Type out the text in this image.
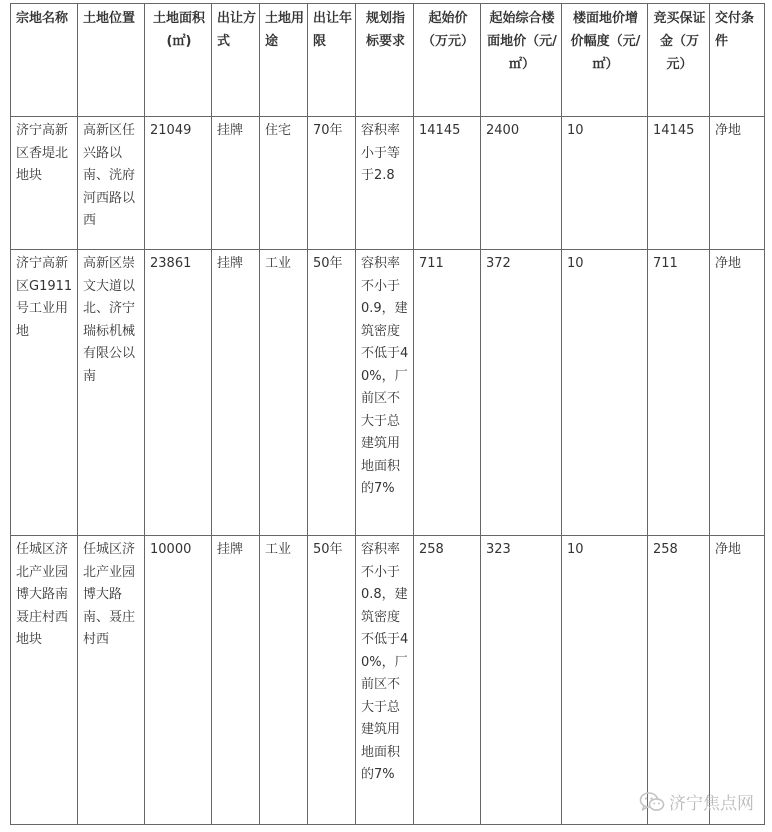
宗地名称	土地位置	土地面积(㎡)	出让方式	土地用途	出让年限	规划指标要求	起始价（万元）	起始综合楼面地价（元/㎡）	楼面地价增价幅度（元/㎡）	竞买保证金（万元）	交付条件
济宁高新区香堤北地块	高新区任兴路以南、洸府河西路以西	21049	挂牌	住宅	70年	容积率小于等于2.8	14145	2400	10	14145	净地
济宁高新区G1911号工业用地	高新区崇文大道以北、济宁瑞标机械有限公以南	23861	挂牌	工业	50年	容积率不小于0.9，建筑密度不低于40%，厂前区不大于总建筑用地面积的7%	711	372	10	711	净地
任城区济北产业园博大路南聂庄村西地块	任城区济北产业园博大路南、聂庄村西	10000	挂牌	工业	50年	容积率不小于0.8，建筑密度不低于40%，厂前区不大于总建筑用地面积的7%	258	323	10	258	净地
济宁焦点网
